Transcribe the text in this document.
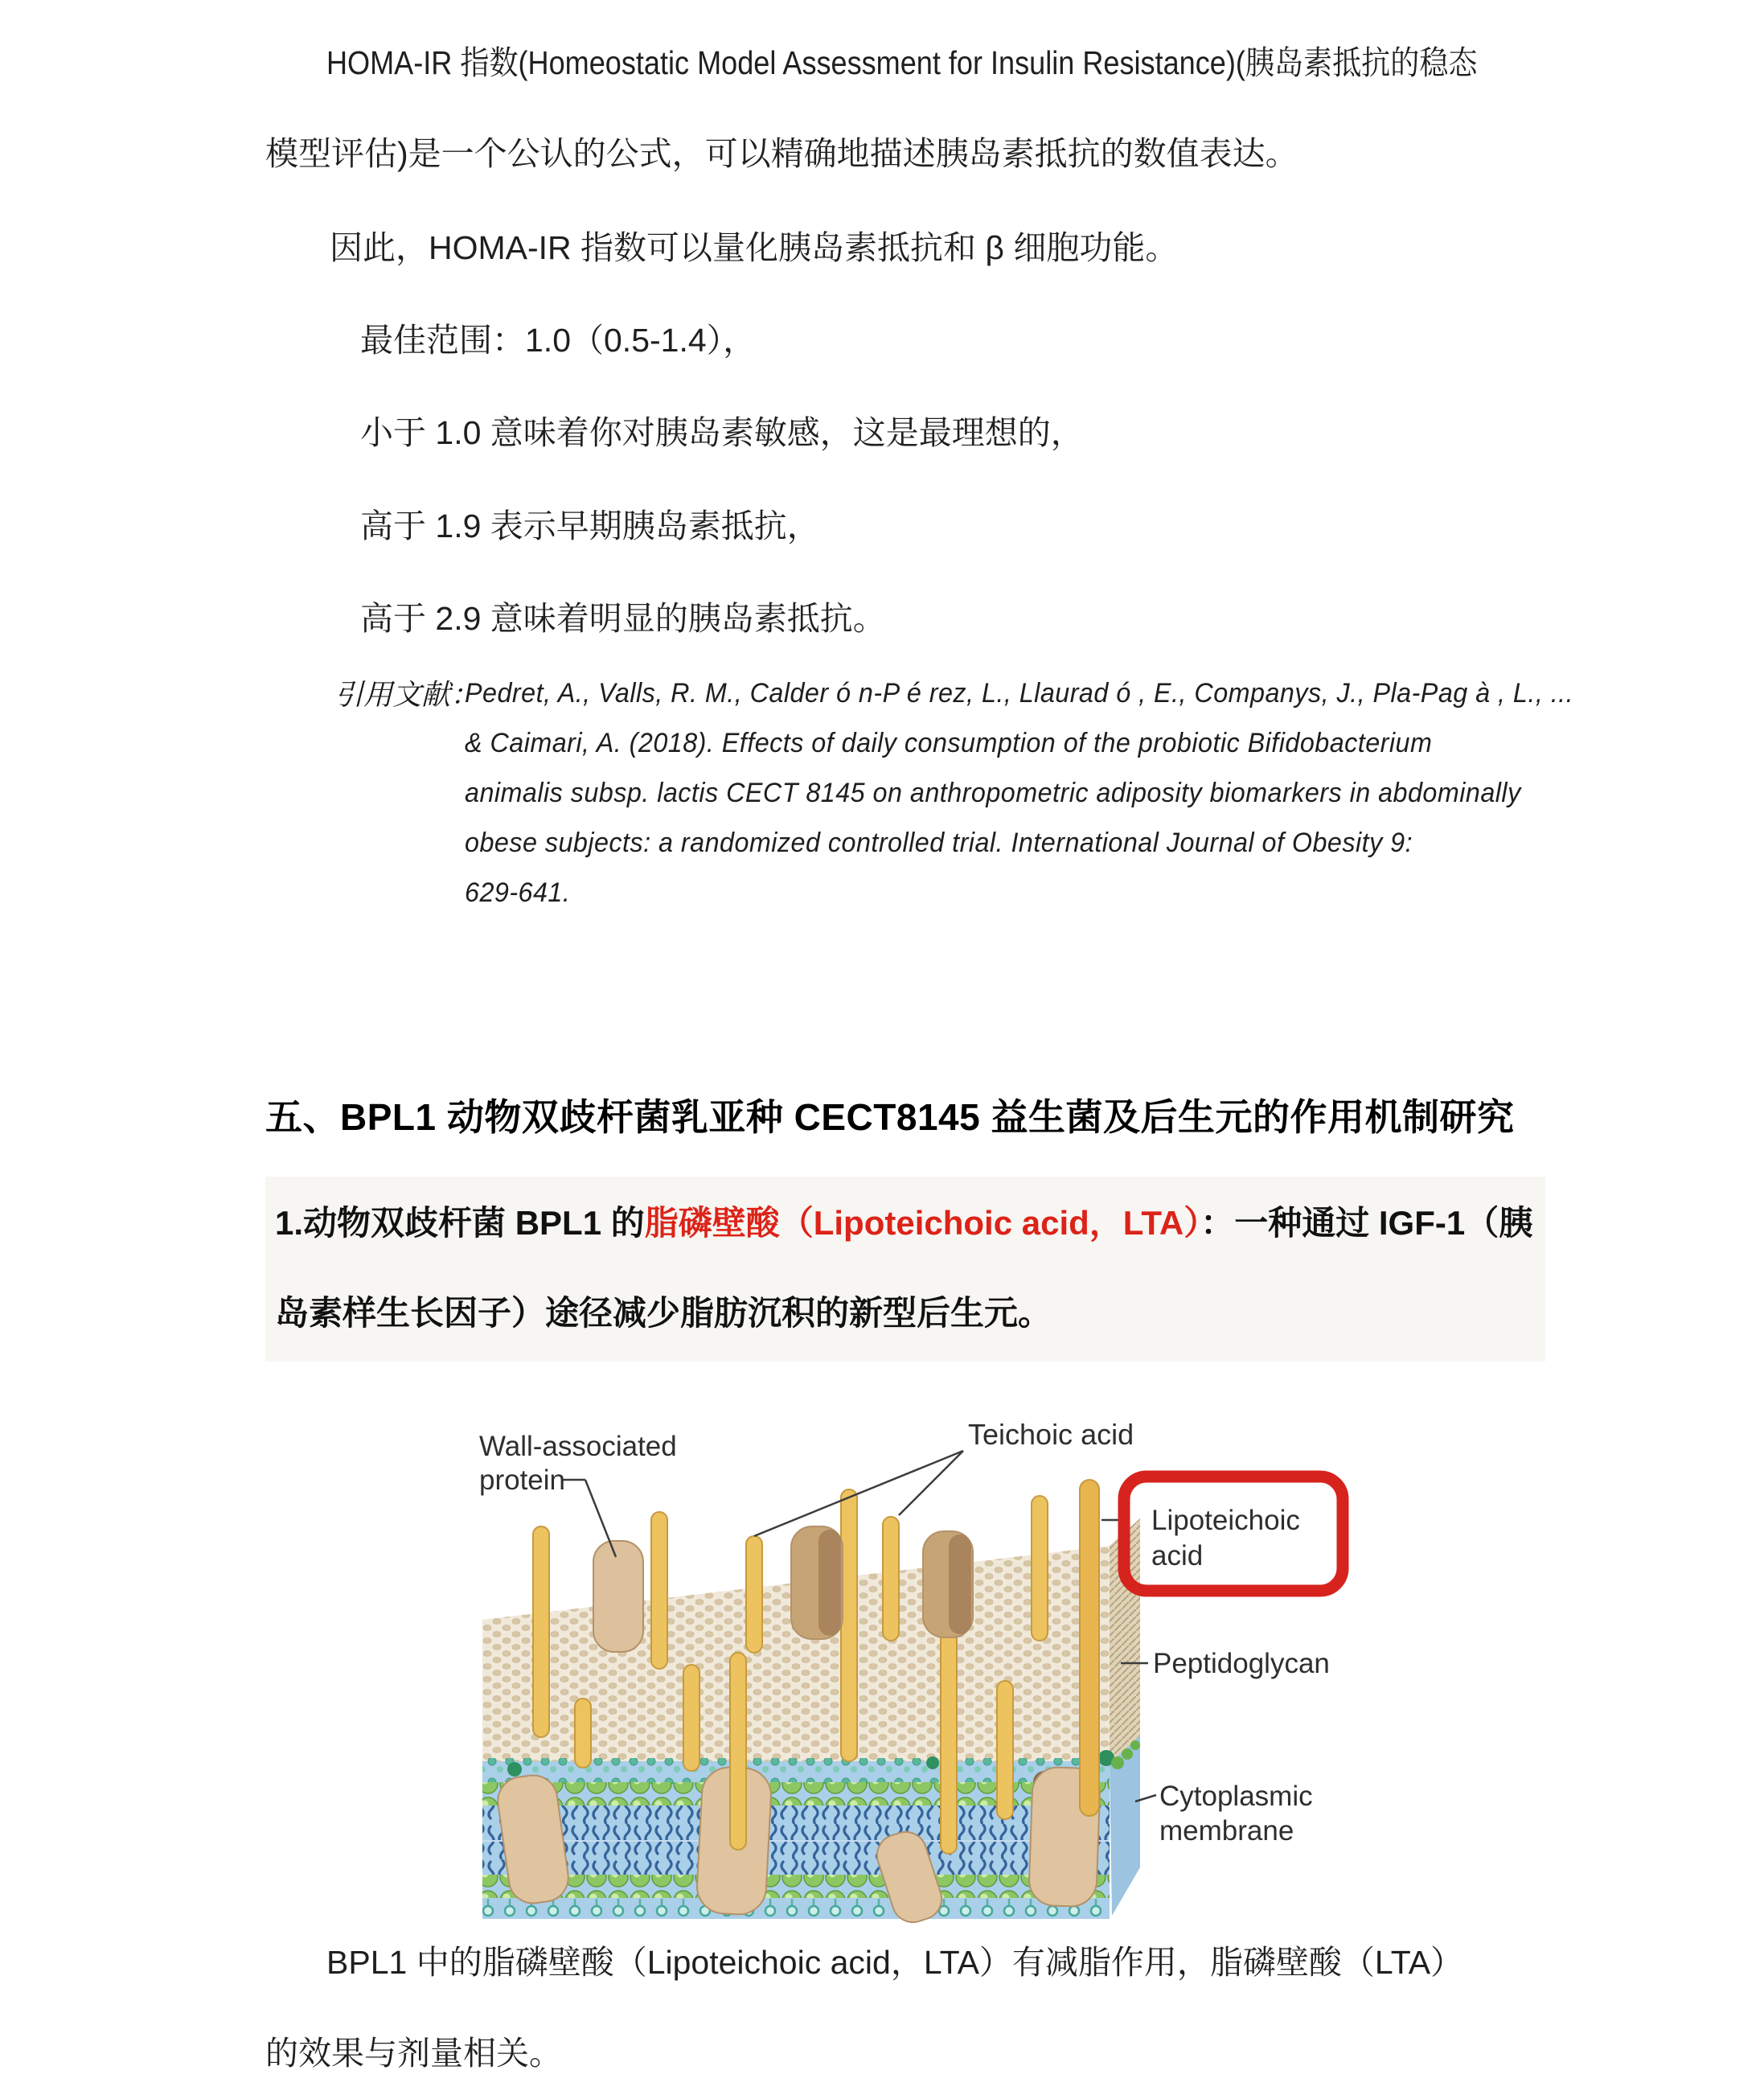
HOMA-IR 指数(Homeostatic Model Assessment for Insulin Resistance)(胰岛素抵抗的稳态
模型评估)是一个公认的公式，可以精确地描述胰岛素抵抗的数值表达。
因此，HOMA-IR 指数可以量化胰岛素抵抗和 β 细胞功能。
最佳范围：1.0（0.5-1.4），
小于 1.0 意味着你对胰岛素敏感，这是最理想的，
高于 1.9 表示早期胰岛素抵抗，
高于 2.9 意味着明显的胰岛素抵抗。
引用文献：
Pedret, A., Valls, R. M., Calder ó n-P é rez, L., Llaurad ó , E., Companys, J., Pla-Pag à , L., ...
& Caimari, A. (2018). Effects of daily consumption of the probiotic Bifidobacterium
animalis subsp. lactis CECT 8145 on anthropometric adiposity biomarkers in abdominally
obese subjects: a randomized controlled trial. International Journal of Obesity 9:
629-641.
五、BPL1 动物双歧杆菌乳亚种 CECT8145 益生菌及后生元的作用机制研究
1.动物双歧杆菌 BPL1 的脂磷壁酸（Lipoteichoic acid，LTA）：一种通过 IGF-1（胰
岛素样生长因子）途径减少脂肪沉积的新型后生元。
Wall-associated
protein
Teichoic acid
Lipoteichoic
acid
Peptidoglycan
Cytoplasmic
membrane
BPL1 中的脂磷壁酸（Lipoteichoic acid，LTA）有减脂作用，脂磷壁酸（LTA）
的效果与剂量相关。
